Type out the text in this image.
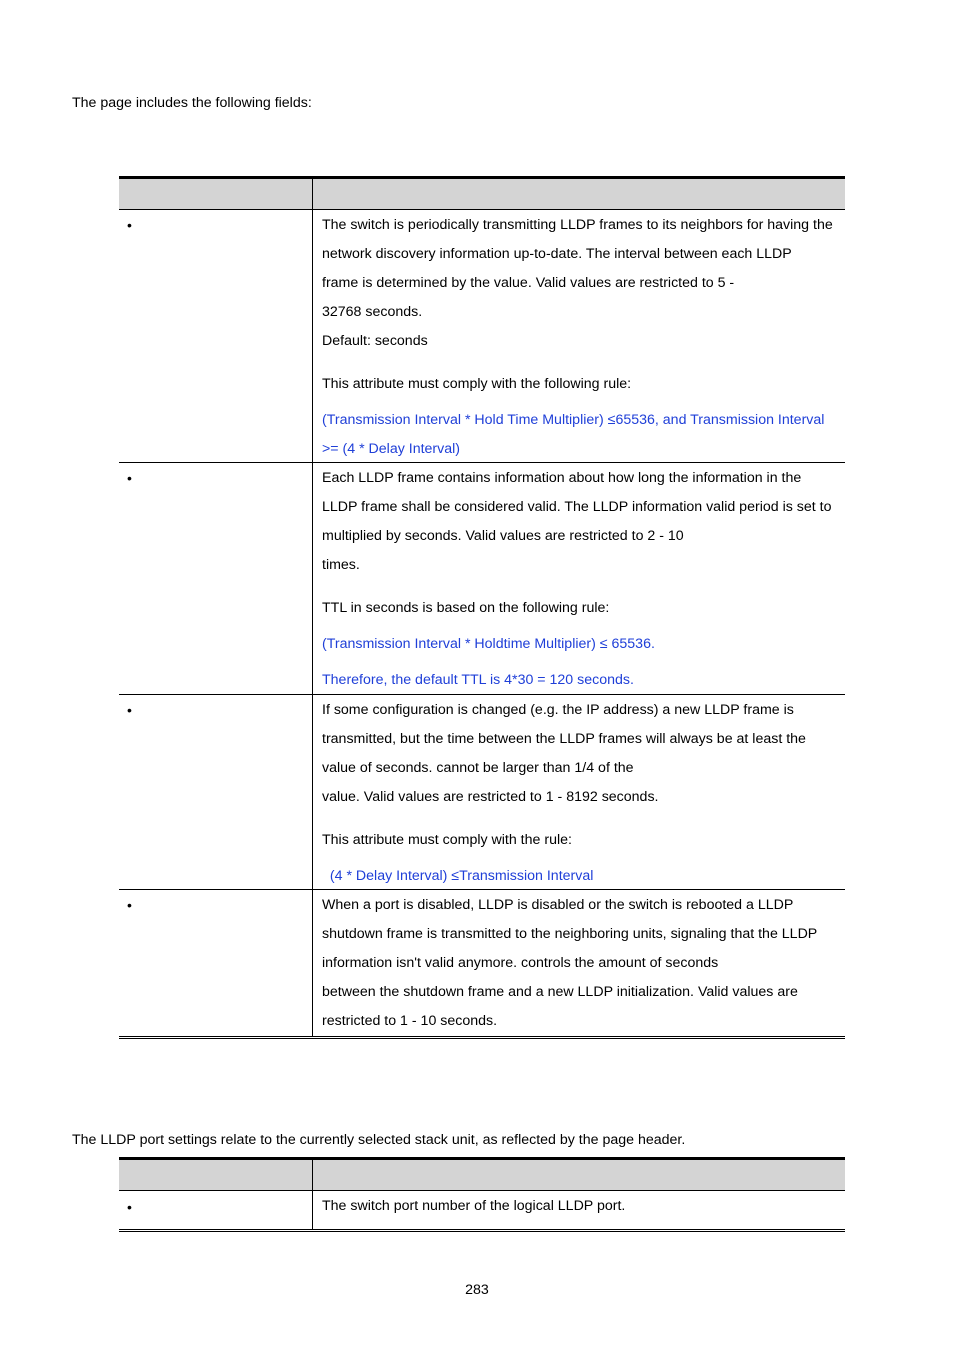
The page includes the following fields:

•	The switch is periodically transmitting LLDP frames to its neighbors for having the
network discovery information up-to-date. The interval between each LLDP
frame is determined by the value. Valid values are restricted to 5 -
32768 seconds.
Default: seconds
This attribute must comply with the following rule:
(Transmission Interval * Hold Time Multiplier) ≤65536, and Transmission Interval
>= (4 * Delay Interval)
•	Each LLDP frame contains information about how long the information in the
LLDP frame shall be considered valid. The LLDP information valid period is set to
multiplied by seconds. Valid values are restricted to 2 - 10
times.
TTL in seconds is based on the following rule:
(Transmission Interval * Holdtime Multiplier) ≤ 65536.
Therefore, the default TTL is 4*30 = 120 seconds.
•	If some configuration is changed (e.g. the IP address) a new LLDP frame is
transmitted, but the time between the LLDP frames will always be at least the
value of seconds. cannot be larger than 1/4 of the
value. Valid values are restricted to 1 - 8192 seconds.
This attribute must comply with the rule:
(4 * Delay Interval) ≤Transmission Interval
•	When a port is disabled, LLDP is disabled or the switch is rebooted a LLDP
shutdown frame is transmitted to the neighboring units, signaling that the LLDP
information isn't valid anymore. controls the amount of seconds
between the shutdown frame and a new LLDP initialization. Valid values are
restricted to 1 - 10 seconds.

The LLDP port settings relate to the currently selected stack unit, as reflected by the page header.

•	The switch port number of the logical LLDP port.
283
